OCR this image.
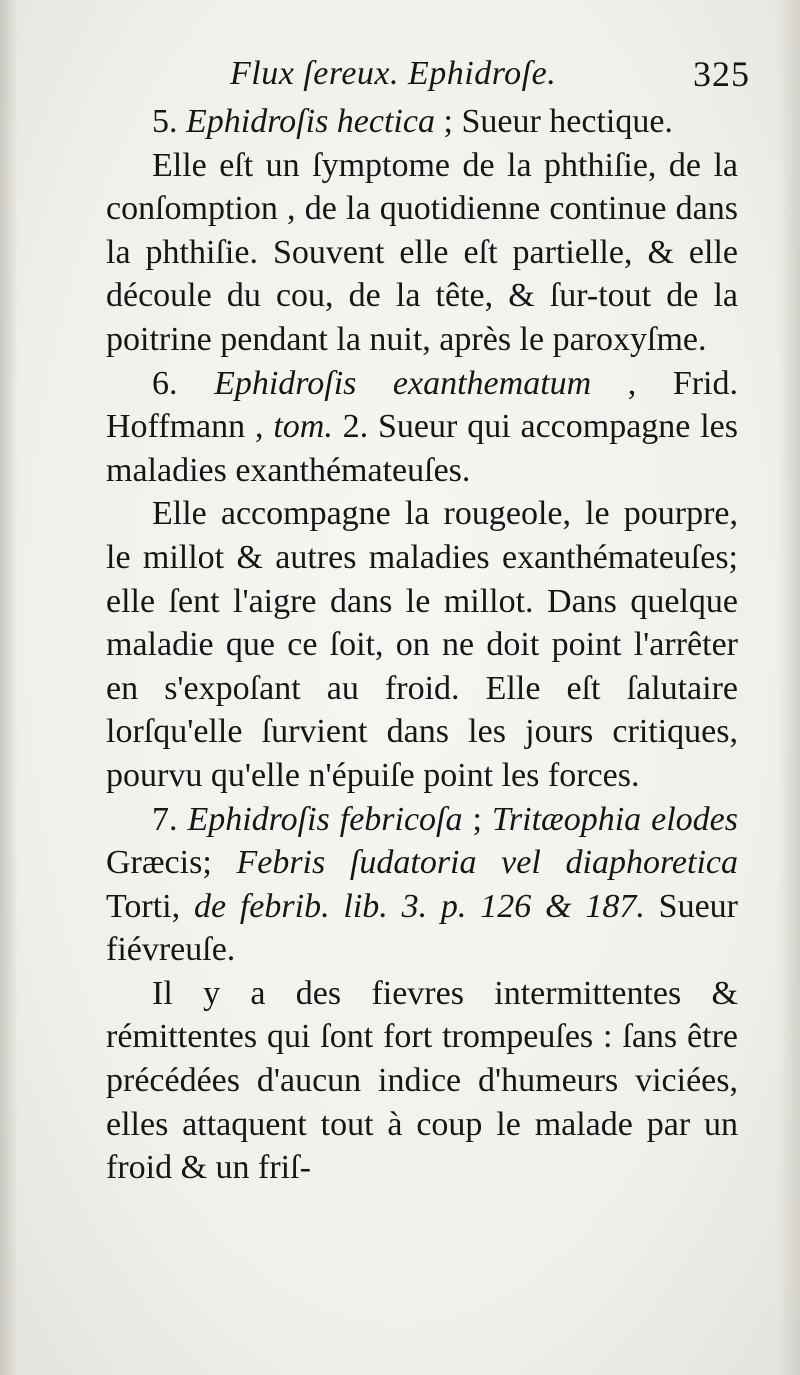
Flux ſereux. Ephidroſe.	325

5. Ephidroſis hectica ; Sueur hectique.

Elle eſt un ſymptome de la phthiſie, de la conſomption , de la quotidienne continue dans la phthiſie. Souvent elle eſt partielle, & elle découle du cou, de la tête, & ſur-tout de la poitrine pendant la nuit, après le paroxyſme.

6. Ephidroſis exanthematum , Frid. Hoffmann , tom. 2. Sueur qui accompagne les maladies exanthémateuſes.

Elle accompagne la rougeole, le pourpre, le millot & autres maladies exanthémateuſes; elle ſent l'aigre dans le millot. Dans quelque maladie que ce ſoit, on ne doit point l'arrêter en s'expoſant au froid. Elle eſt ſalutaire lorſqu'elle ſurvient dans les jours critiques, pourvu qu'elle n'épuiſe point les forces.

7. Ephidroſis febricoſa ; Tritæophia elodes Græcis; Febris ſudatoria vel diaphoretica Torti, de febrib. lib. 3. p. 126 & 187. Sueur fiévreuſe.

Il y a des fievres intermittentes & rémittentes qui ſont fort trompeuſes : ſans être précédées d'aucun indice d'humeurs viciées, elles attaquent tout à coup le malade par un froid & un friſ-
